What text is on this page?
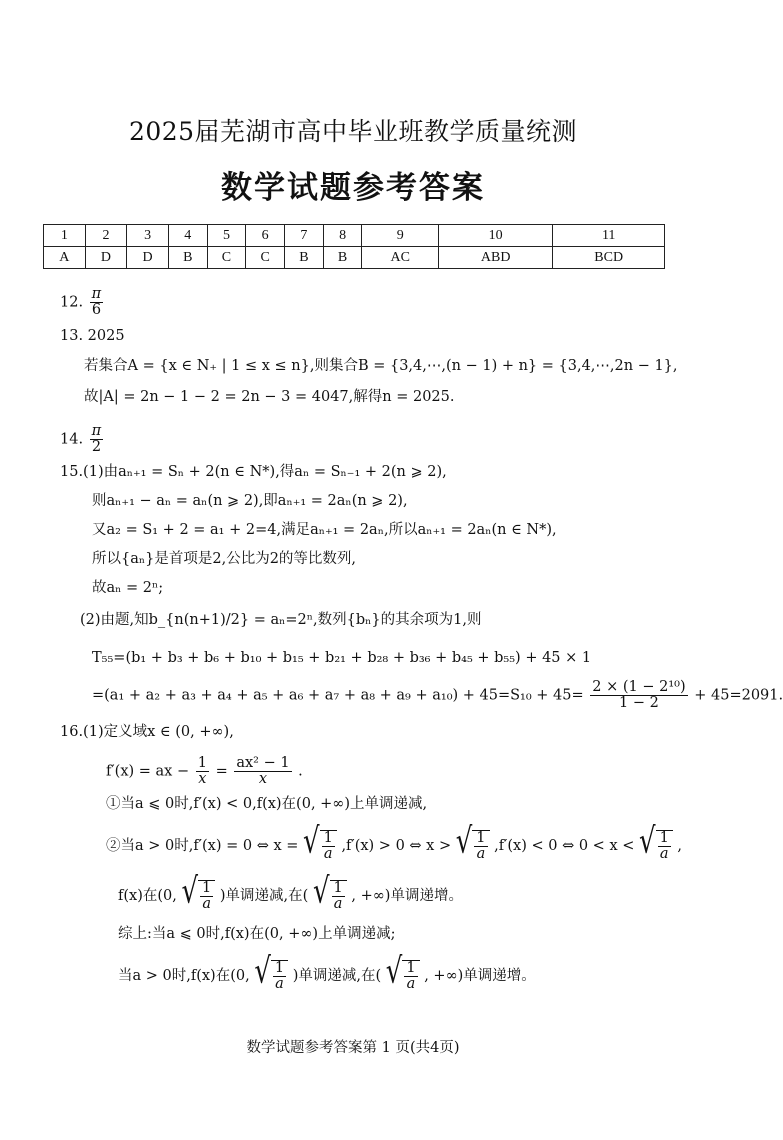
2025届芜湖市高中毕业班教学质量统测
数学试题参考答案
1	2	3	4	5	6	7	8	9	10	11
A	D	D	B	C	C	B	B	AC	ABD	BCD
12. $\frac{\pi}{6}$
13. 2025
若集合A = {x ∈ N₊ | 1 ≤ x ≤ n},则集合B = {3,4,⋯,(n − 1) + n} = {3,4,⋯,2n − 1},
故|A| = 2n − 1 − 2 = 2n − 3 = 4047,解得n = 2025.
14. $\frac{\pi}{2}$
15.(1)由aₙ₊₁ = Sₙ + 2(n ∈ N*),得aₙ = Sₙ₋₁ + 2(n ⩾ 2),
则aₙ₊₁ − aₙ = aₙ(n ⩾ 2),即aₙ₊₁ = 2aₙ(n ⩾ 2),
又a₂ = S₁ + 2 = a₁ + 2=4,满足aₙ₊₁ = 2aₙ,所以aₙ₊₁ = 2aₙ(n ∈ N*),
所以{aₙ}是首项是2,公比为2的等比数列,
故aₙ = 2ⁿ;
(2)由题,知b_{n(n+1)/2} = aₙ=2ⁿ,数列{bₙ}的其余项为1,则
T₅₅=(b₁ + b₃ + b₆ + b₁₀ + b₁₅ + b₂₁ + b₂₈ + b₃₆ + b₄₅ + b₅₅) + 45 × 1
$=(a_1 + a_2 + a_3 + a_4 + a_5 + a_6 + a_7 + a_8 + a_9 + a_{10}) + 45=S_{10} + 45= \frac{\text{2 × (1 − 2¹⁰)}}{1 - 2} + 45=2091$.
16.(1)定义域x ∈ (0, +∞),
f′(x) = ax − $\frac{1}{x} = \frac{\text{ax² − 1}}{x}$ .
①当a ⩽ 0时,f′(x) < 0,f(x)在(0, +∞)上单调递减,
②当a > 0时,f′(x) = 0 ⇔ x = √ $\frac{1}{a} ,f'(x) > 0$ ⇔ x > √ $\frac{1}{a} ,f'(x) < 0$ ⇔ 0 < x < √ $\frac{1}{a}$ ,
f(x)在(0, √ $\frac{1}{a}$ )单调递减,在( √ $\frac{1}{a}$ , +∞)单调递增。
综上:当a ⩽ 0时,f(x)在(0, +∞)上单调递减;
当a > 0时,f(x)在(0, √ $\frac{1}{a}$ )单调递减,在( √ $\frac{1}{a}$ , +∞)单调递增。
数学试题参考答案第 1 页(共4页)
